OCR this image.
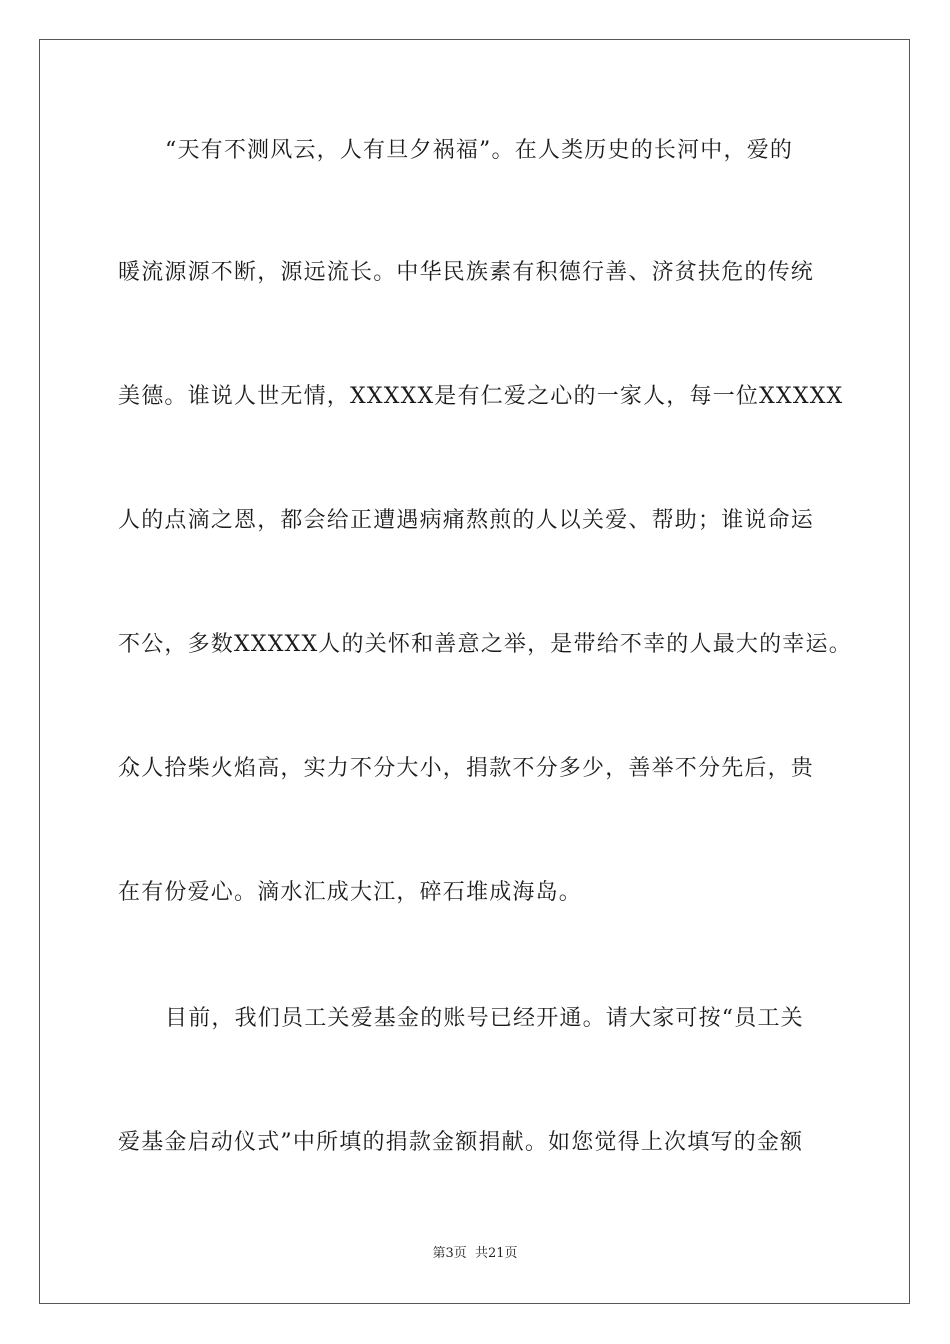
“天有不测风云，人有旦夕祸福”。在人类历史的长河中，爱的
暖流源源不断，源远流长。中华民族素有积德行善、济贫扶危的传统
美德。谁说人世无情，XXXXX是有仁爱之心的一家人，每一位XXXXX
人的点滴之恩，都会给正遭遇病痛熬煎的人以关爱、帮助；谁说命运
不公，多数XXXXX人的关怀和善意之举，是带给不幸的人最大的幸运。
众人拾柴火焰高，实力不分大小，捐款不分多少，善举不分先后，贵
在有份爱心。滴水汇成大江，碎石堆成海岛。
目前，我们员工关爱基金的账号已经开通。请大家可按“员工关
爱基金启动仪式”中所填的捐款金额捐献。如您觉得上次填写的金额
第3页 共21页
